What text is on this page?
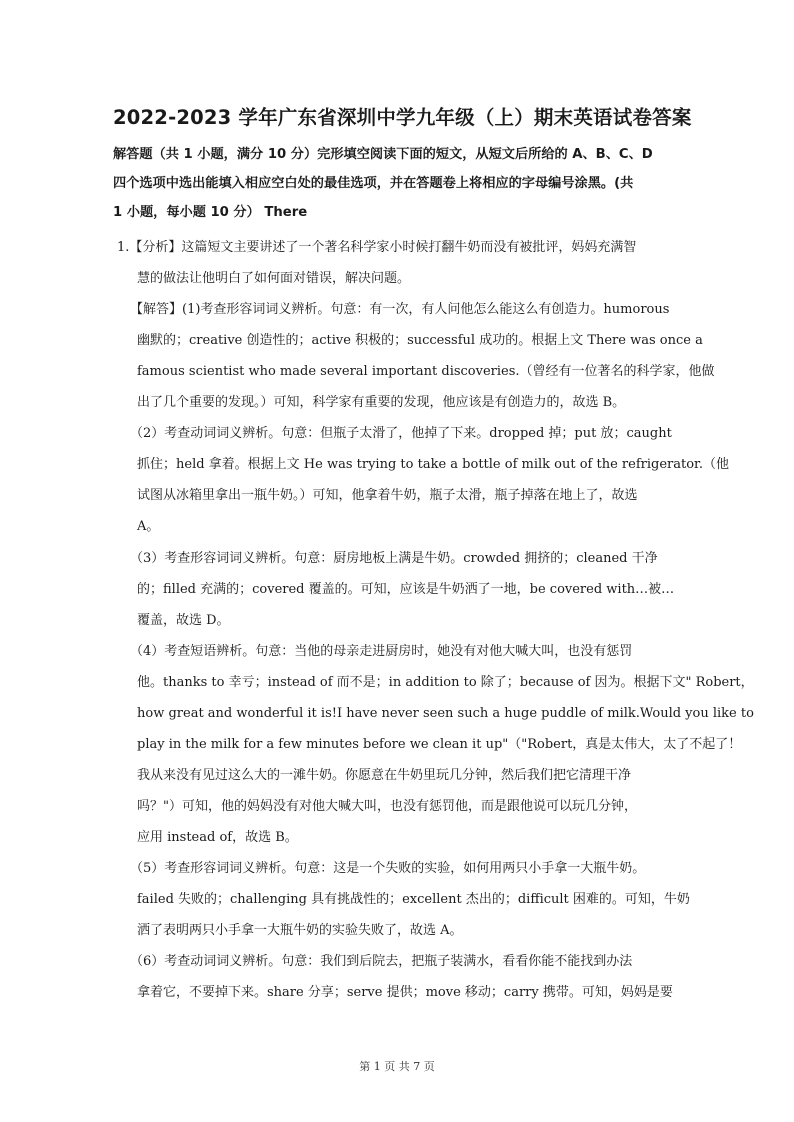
2022-2023 学年广东省深圳中学九年级（上）期末英语试卷答案
解答题（共 1 小题，满分 10 分）完形填空阅读下面的短文，从短文后所给的 A、B、C、D
四个选项中选出能填入相应空白处的最佳选项，并在答题卷上将相应的字母编号涂黑。(共
1 小题，每小题 10 分） There
1.【分析】这篇短文主要讲述了一个著名科学家小时候打翻牛奶而没有被批评，妈妈充满智
慧的做法让他明白了如何面对错误，解决问题。
【解答】(1)考查形容词词义辨析。句意：有一次，有人问他怎么能这么有创造力。humorous
幽默的；creative 创造性的；active 积极的；successful 成功的。根据上文 There was once a
famous scientist who made several important discoveries.（曾经有一位著名的科学家，他做
出了几个重要的发现。）可知，科学家有重要的发现，他应该是有创造力的，故选 B。
（2）考查动词词义辨析。句意：但瓶子太滑了，他掉了下来。dropped 掉；put 放；caught
抓住；held 拿着。根据上文 He was trying to take a bottle of milk out of the refrigerator.（他
试图从冰箱里拿出一瓶牛奶。）可知，他拿着牛奶，瓶子太滑，瓶子掉落在地上了，故选
A。
（3）考查形容词词义辨析。句意：厨房地板上满是牛奶。crowded 拥挤的；cleaned 干净
的；filled 充满的；covered 覆盖的。可知，应该是牛奶洒了一地，be covered with…被…
覆盖，故选 D。
（4）考查短语辨析。句意：当他的母亲走进厨房时，她没有对他大喊大叫，也没有惩罚
他。thanks to 幸亏；instead of 而不是；in addition to 除了；because of 因为。根据下文" Robert，
how great and wonderful it is!I have never seen such a huge puddle of milk.Would you like to
play in the milk for a few minutes before we clean it up"（"Robert，真是太伟大，太了不起了！
我从来没有见过这么大的一滩牛奶。你愿意在牛奶里玩几分钟，然后我们把它清理干净
吗？"）可知，他的妈妈没有对他大喊大叫，也没有惩罚他，而是跟他说可以玩几分钟，
应用 instead of，故选 B。
（5）考查形容词词义辨析。句意：这是一个失败的实验，如何用两只小手拿一大瓶牛奶。
failed 失败的；challenging 具有挑战性的；excellent 杰出的；difficult 困难的。可知，牛奶
洒了表明两只小手拿一大瓶牛奶的实验失败了，故选 A。
（6）考查动词词义辨析。句意：我们到后院去，把瓶子装满水，看看你能不能找到办法
拿着它，不要掉下来。share 分享；serve 提供；move 移动；carry 携带。可知，妈妈是要
第 1 页 共 7 页
